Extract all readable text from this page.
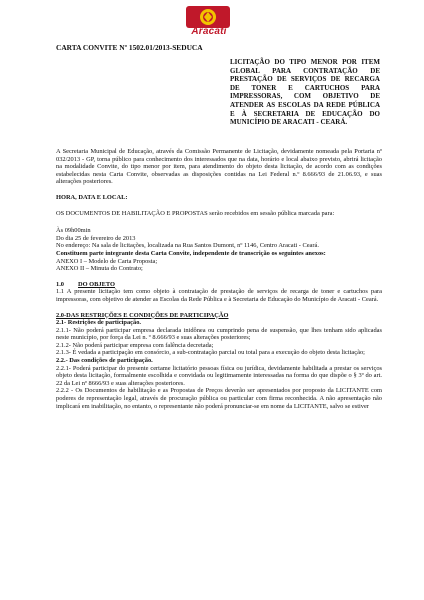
Aracati
CARTA CONVITE Nº 1502.01/2013-SEDUCA
LICITAÇÃO DO TIPO MENOR POR ITEM GLOBAL PARA CONTRATAÇÃO DE PRESTAÇÃO DE SERVIÇOS DE RECARGA DE TONER E CARTUCHOS PARA IMPRESSORAS, COM OBJETIVO DE ATENDER AS ESCOLAS DA REDE PÚBLICA E À SECRETARIA DE EDUCAÇÃO DO MUNICÍPIO DE ARACATI - CEARÁ.

A Secretaria Municipal de Educação, através da Comissão Permanente de Licitação, devidamente nomeada pela Portaria nº 032/2013 - GP, torna público para conhecimento dos interessados que na data, horário e local abaixo previsto, abrirá licitação na modalidade Convite, do tipo menor por item, para atendimento do objeto desta licitação, de acordo com as condições estabelecidas nesta Carta Convite, observadas as disposições contidas na Lei Federal n.º 8.666/93 de 21.06.93, e suas alterações posteriores.

HORA, DATA E LOCAL:

OS DOCUMENTOS DE HABILITAÇÃO E PROPOSTAS serão recebidos em sessão pública marcada para:

Às 09h00min

Do dia 25 de fevereiro de 2013

No endereço: Na sala de licitações, localizada na Rua Santos Dumont, nº 1146, Centro Aracati - Ceará.

Constituem parte integrante desta Carta Convite, independente de transcrição os seguintes anexos:

ANEXO I – Modelo de Carta Proposta;

ANEXO II – Minuta do Contrato;

1.0 DO OBJETO

1.1 A presente licitação tem como objeto à contratação de prestação de serviços de recarga de toner e cartuchos para impressoras, com objetivo de atender as Escolas da Rede Pública e à Secretaria de Educação do Município de Aracati - Ceará.

2.0-DAS RESTRIÇÕES E CONDIÇÕES DE PARTICIPAÇÃO

2.1- Restrições de participação.

2.1.1- Não poderá participar empresa declarada inidônea ou cumprindo pena de suspensão, que lhes tenham sido aplicadas neste município, por força da Lei n. º 8.666/93 e suas alterações posteriores;

2.1.2- Não poderá participar empresa com falência decretada;

2.1.3- É vedada a participação em consórcio, a sub-contratação parcial ou total para a execução do objeto desta licitação;

2.2.- Das condições de participação.

2.2.1- Poderá participar do presente certame licitatório pessoas física ou jurídica, devidamente habilitada a prestar os serviços objeto desta licitação, formalmente escolhida e convidada ou legitimamente interessadas na forma do que dispõe o § 3º do art. 22 da Lei nº 8666/93 e suas alterações posteriores.

2.2.2 - Os Documentos de habilitação e as Propostas de Preços deverão ser apresentados por proposto da LICITANTE com poderes de representação legal, através de procuração pública ou particular com firma reconhecida. A não apresentação não implicará em inabilitação, no entanto, o representante não poderá pronunciar-se em nome da LICITANTE, salvo se estiver
